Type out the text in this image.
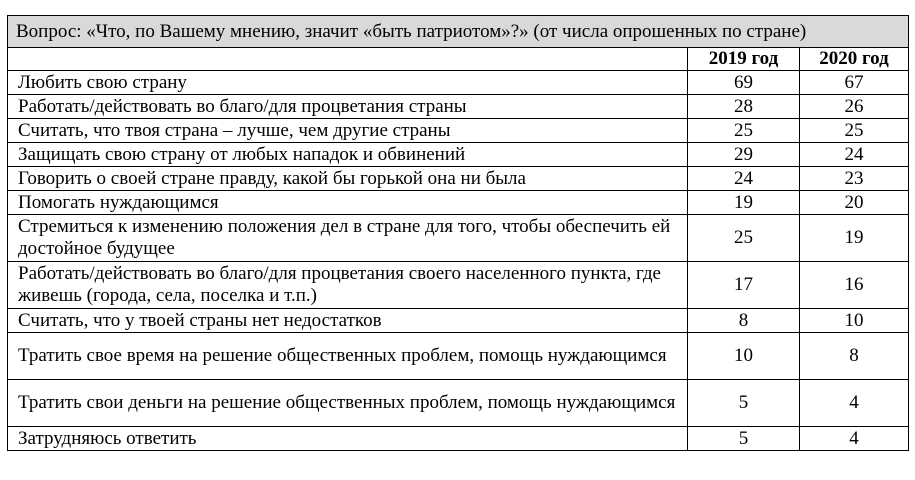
Вопрос: «Что, по Вашему мнению, значит «быть патриотом»?» (от числа опрошенных по стране)		
	2019 год	2020 год
Любить свою страну	69	67
Работать/действовать во благо/для процветания страны	28	26
Считать, что твоя страна – лучше, чем другие страны	25	25
Защищать свою страну от любых нападок и обвинений	29	24
Говорить о своей стране правду, какой бы горькой она ни была	24	23
Помогать нуждающимся	19	20
Стремиться к изменению положения дел в стране для того, чтобы обеспечить ей достойное будущее	25	19
Работать/действовать во благо/для процветания своего населенного пункта, где живешь (города, села, поселка и т.п.)	17	16
Считать, что у твоей страны нет недостатков	8	10
Тратить свое время на решение общественных проблем, помощь нуждающимся	10	8
Тратить свои деньги на решение общественных проблем, помощь нуждающимся	5	4
Затрудняюсь ответить	5	4
